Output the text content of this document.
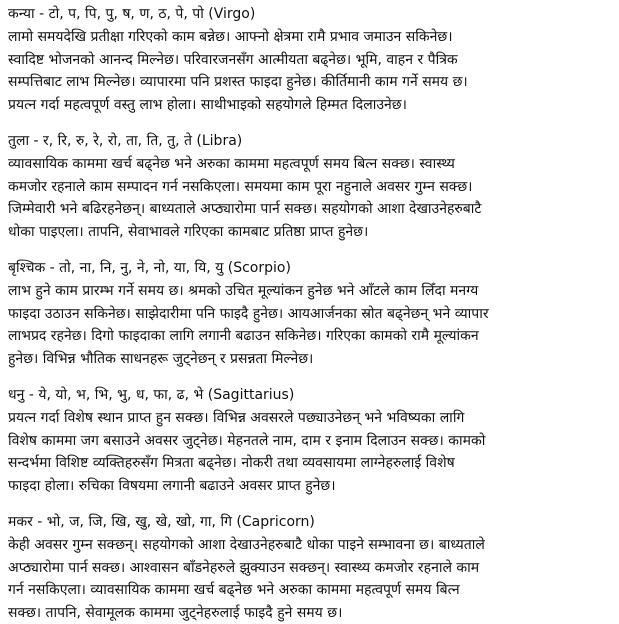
कन्या - टो, प, पि, पु, ष, ण, ठ, पे, पो (Virgo)
लामो समयदेखि प्रतीक्षा गरिएको काम बन्नेछ। आफ्नो क्षेत्रमा रामै प्रभाव जमाउन सकिनेछ।
स्वादिष्ट भोजनको आनन्द मिल्नेछ। परिवारजनसँग आत्मीयता बढ्नेछ। भूमि, वाहन र पैत्रिक
सम्पत्तिबाट लाभ मिल्नेछ। व्यापारमा पनि प्रशस्त फाइदा हुनेछ। कीर्तिमानी काम गर्ने समय छ।
प्रयत्न गर्दा महत्वपूर्ण वस्तु लाभ होला। साथीभाइको सहयोगले हिम्मत दिलाउनेछ।
तुला - र, रि, रु, रे, रो, ता, ति, तु, ते (Libra)
व्यावसायिक काममा खर्च बढ्नेछ भने अरुका काममा महत्वपूर्ण समय बित्न सक्छ। स्वास्थ्य
कमजोर रहनाले काम सम्पादन गर्न नसकिएला। समयमा काम पूरा नहुनाले अवसर गुम्न सक्छ।
जिम्मेवारी भने बढिरहनेछन्। बाध्यताले अप्ठ्यारोमा पार्न सक्छ। सहयोगको आशा देखाउनेहरुबाटै
धोका पाइएला। तापनि, सेवाभावले गरिएका कामबाट प्रतिष्ठा प्राप्त हुनेछ।
बृश्चिक - तो, ना, नि, नु, ने, नो, या, यि, यु (Scorpio)
लाभ हुने काम प्रारम्भ गर्ने समय छ। श्रमको उचित मूल्यांकन हुनेछ भने आँटले काम लिँदा मनग्य
फाइदा उठाउन सकिनेछ। साझेदारीमा पनि फाइदै हुनेछ। आयआर्जनका स्रोत बढ्नेछन् भने व्यापार
लाभप्रद रहनेछ। दिगो फाइदाका लागि लगानी बढाउन सकिनेछ। गरिएका कामको रामै मूल्यांकन
हुनेछ। विभिन्न भौतिक साधनहरू जुट्नेछन् र प्रसन्नता मिल्नेछ।
धनु - ये, यो, भ, भि, भु, ध, फा, ढ, भे (Sagittarius)
प्रयत्न गर्दा विशेष स्थान प्राप्त हुन सक्छ। विभिन्न अवसरले पछ्याउनेछन् भने भविष्यका लागि
विशेष काममा जग बसाउने अवसर जुट्नेछ। मेहनतले नाम, दाम र इनाम दिलाउन सक्छ। कामको
सन्दर्भमा विशिष्ट व्यक्तिहरुसँग मित्रता बढ्नेछ। नोकरी तथा व्यवसायमा लाग्नेहरुलाई विशेष
फाइदा होला। रुचिका विषयमा लगानी बढाउने अवसर प्राप्त हुनेछ।
मकर - भो, ज, जि, खि, खु, खे, खो, गा, गि (Capricorn)
केही अवसर गुम्न सक्छन्। सहयोगको आशा देखाउनेहरुबाटै धोका पाइने सम्भावना छ। बाध्यताले
अप्ठ्यारोमा पार्न सक्छ। आश्वासन बाँडनेहरुले झुक्याउन सक्छन्। स्वास्थ्य कमजोर रहनाले काम
गर्न नसकिएला। व्यावसायिक काममा खर्च बढ्नेछ भने अरुका काममा महत्वपूर्ण समय बित्न
सक्छ। तापनि, सेवामूलक काममा जुट्नेहरुलाई फाइदै हुने समय छ।
